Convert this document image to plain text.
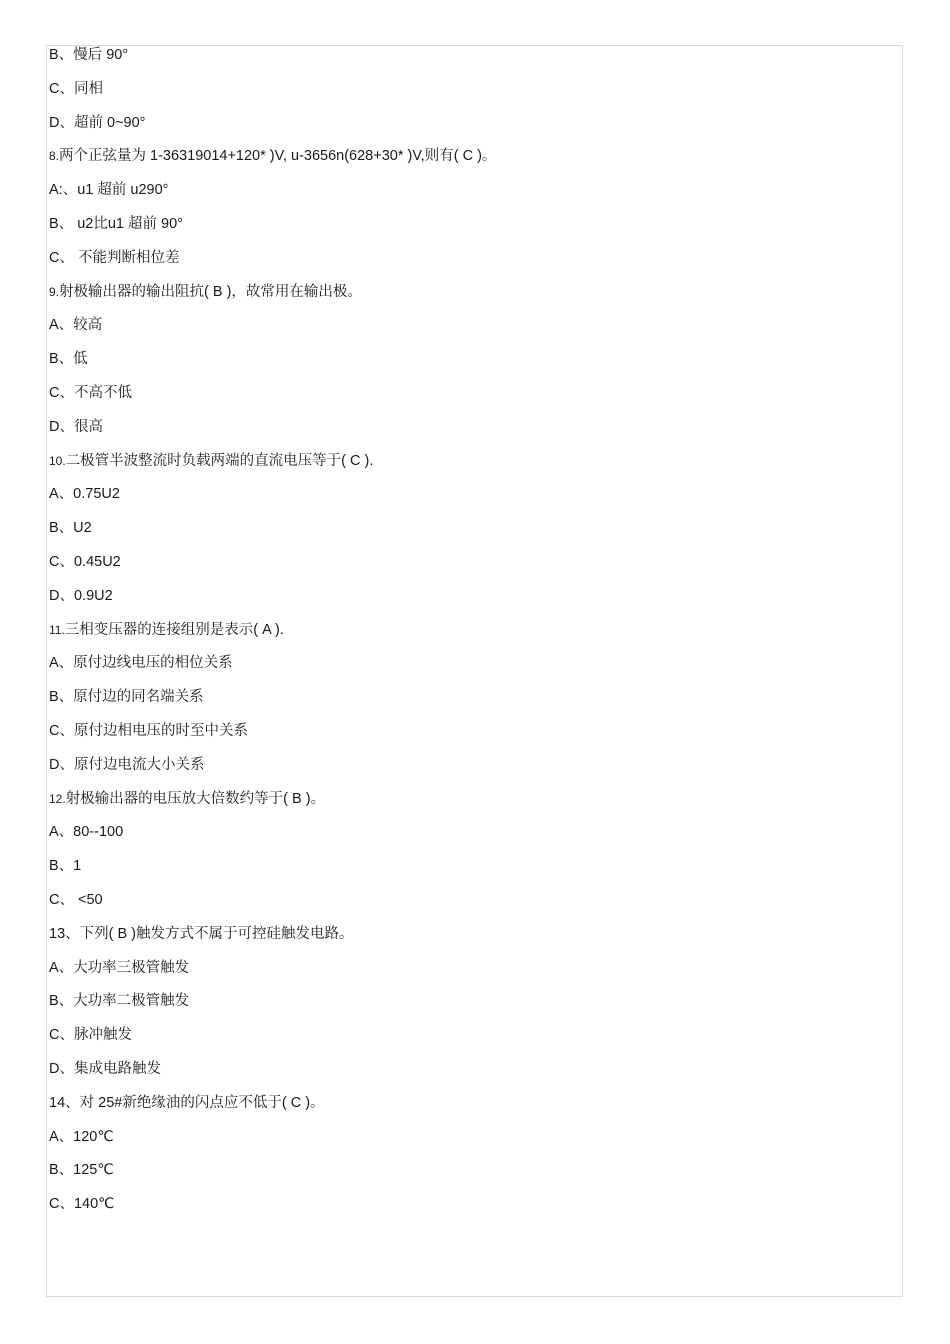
B、慢后 90°
C、同相
D、超前 0~90°
8.两个正弦量为 1-36319014+120* )V, u-3656n(628+30* )V,则有( C )。
A:、u1 超前 u290°
B、 u2比u1 超前 90°
C、 不能判断相位差
9.射极输出器的输出阻抗( B )，故常用在输出极。
A、较高
B、低
C、不高不低
D、很高
10.二极管半波整流时负载两端的直流电压等于( C ).
A、0.75U2
B、U2
C、0.45U2
D、0.9U2
11.三相变压器的连接组别是表示( A ).
A、原付边线电压的相位关系
B、原付边的同名端关系
C、原付边相电压的时至中关系
D、原付边电流大小关系
12.射极输出器的电压放大倍数约等于( B )。
A、80--100
B、1
C、 <50
13、下列( B )触发方式不属于可控硅触发电路。
A、大功率三极管触发
B、大功率二极管触发
C、脉冲触发
D、集成电路触发
14、对 25#新绝缘油的闪点应不低于( C )。
A、120℃
B、125℃
C、140℃
